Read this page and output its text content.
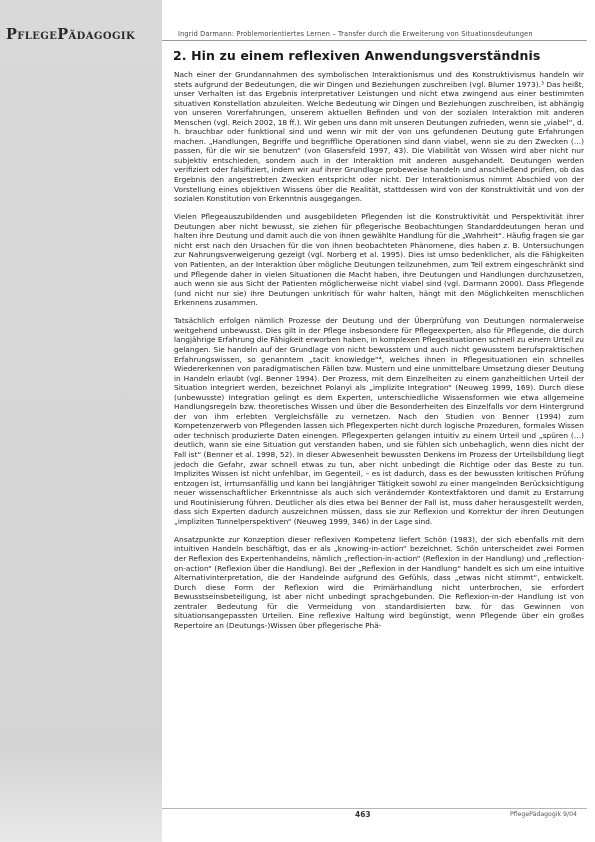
PflegePädagogik	Ingrid Darmann: Problemorientiertes Lernen – Transfer durch die Erweiterung von Situationsdeutungen
2. Hin zu einem reflexiven Anwendungsverständnis

Nach einer der Grundannahmen des symbolischen Interaktionismus und des Konstruktivismus handeln wir stets aufgrund der Bedeutungen, die wir Dingen und Beziehungen zuschreiben (vgl. Blumer 1973).³ Das heißt, unser Verhalten ist das Ergebnis interpretativer Leistungen und nicht etwa zwingend aus einer bestimmten situativen Konstellation abzuleiten. Welche Bedeutung wir Dingen und Beziehungen zuschreiben, ist abhängig von unseren Vorerfahrungen, unserem aktuellen Befinden und von der sozialen Interaktion mit anderen Menschen (vgl. Reich 2002, 18 ff.). Wir geben uns dann mit unseren Deutungen zufrieden, wenn sie „viabel“, d. h. brauchbar oder funktional sind und wenn wir mit der von uns gefundenen Deutung gute Erfahrungen machen. „Handlungen, Begriffe und begriffliche Operationen sind dann viabel, wenn sie zu den Zwecken (…) passen, für die wir sie benutzen“ (von Glasersfeld 1997, 43). Die Viabilität von Wissen wird aber nicht nur subjektiv entschieden, sondern auch in der Interaktion mit anderen ausgehandelt. Deutungen werden verifiziert oder falsifiziert, indem wir auf ihrer Grundlage probeweise handeln und anschließend prüfen, ob das Ergebnis den angestrebten Zwecken entspricht oder nicht. Der Interaktionismus nimmt Abschied von der Vorstellung eines objektiven Wissens über die Realität, stattdessen wird von der Konstruktivität und von der sozialen Konstitution von Erkenntnis ausgegangen.

Vielen Pflegeauszubildenden und ausgebildeten Pflegenden ist die Konstruktivität und Perspektivität ihrer Deutungen aber nicht bewusst, sie ziehen für pflegerische Beobachtungen Standarddeutungen heran und halten ihre Deutung und damit auch die von ihnen gewählte Handlung für die „Wahrheit“. Häufig fragen sie gar nicht erst nach den Ursachen für die von ihnen beobachteten Phänomene, dies haben z. B. Untersuchungen zur Nahrungsverweigerung gezeigt (vgl. Norberg et al. 1995). Dies ist umso bedenklicher, als die Fähigkeiten von Patienten, an der Interaktion über mögliche Deutungen teilzunehmen, zum Teil extrem eingeschränkt sind und Pflegende daher in vielen Situationen die Macht haben, ihre Deutungen und Handlungen durchzusetzen, auch wenn sie aus Sicht der Patienten möglicherweise nicht viabel sind (vgl. Darmann 2000). Dass Pflegende (und nicht nur sie) ihre Deutungen unkritisch für wahr halten, hängt mit den Möglichkeiten menschlichen Erkennens zusammen.

Tatsächlich erfolgen nämlich Prozesse der Deutung und der Überprüfung von Deutungen normalerweise weitgehend unbewusst. Dies gilt in der Pflege insbesondere für Pflegeexperten, also für Pflegende, die durch langjährige Erfahrung die Fähigkeit erworben haben, in komplexen Pflegesituationen schnell zu einem Urteil zu gelangen. Sie handeln auf der Grundlage von nicht bewusstem und auch nicht gewusstem berufspraktischen Erfahrungswissen, so genanntem „tacit knowledge“⁴, welches ihnen in Pflegesituationen ein schnelles Wiedererkennen von paradigmatischen Fällen bzw. Mustern und eine unmittelbare Umsetzung dieser Deutung in Handeln erlaubt (vgl. Benner 1994). Der Prozess, mit dem Einzelheiten zu einem ganzheitlichen Urteil der Situation integriert werden, bezeichnet Polanyi als „implizite Integration“ (Neuweg 1999, 169). Durch diese (unbewusste) Integration gelingt es dem Experten, unterschiedliche Wissensformen wie etwa allgemeine Handlungsregeln bzw. theoretisches Wissen und über die Besonderheiten des Einzelfalls vor dem Hintergrund der von ihm erlebten Vergleichsfälle zu vernetzen. Nach den Studien von Benner (1994) zum Kompetenzerwerb von Pflegenden lassen sich Pflegexperten nicht durch logische Prozeduren, formales Wissen oder technisch produzierte Daten einengen. Pflegexperten gelangen intuitiv zu einem Urteil und „spüren (…) deutlich, wann sie eine Situation gut verstanden haben, und sie fühlen sich unbehaglich, wenn dies nicht der Fall ist“ (Benner et al. 1998, 52). In dieser Abwesenheit bewussten Denkens im Prozess der Urteilsbildung liegt jedoch die Gefahr, zwar schnell etwas zu tun, aber nicht unbedingt die Richtige oder das Beste zu tun. Implizites Wissen ist nicht unfehlbar, im Gegenteil, – es ist dadurch, dass es der bewussten kritischen Prüfung entzogen ist, irrtumsanfällig und kann bei langjähriger Tätigkeit sowohl zu einer mangelnden Berücksichtigung neuer wissenschaftlicher Erkenntnisse als auch sich verändernder Kontextfaktoren und damit zu Erstarrung und Routinisierung führen. Deutlicher als dies etwa bei Benner der Fall ist, muss daher herausgestellt werden, dass sich Experten dadurch auszeichnen müssen, dass sie zur Reflexion und Korrektur der ihren Deutungen „impliziten Tunnelperspektiven“ (Neuweg 1999, 346) in der Lage sind.

Ansatzpunkte zur Konzeption dieser reflexiven Kompetenz liefert Schön (1983), der sich ebenfalls mit dem intuitiven Handeln beschäftigt, das er als „knowing-in-action“ bezeichnet. Schön unterscheidet zwei Formen der Reflexion des Expertenhandelns, nämlich „reflection-in-action“ (Reflexion in der Handlung) und „reflection-on-action“ (Reflexion über die Handlung). Bei der „Reflexion in der Handlung“ handelt es sich um eine intuitive Alternativinterpretation, die der Handelnde aufgrund des Gefühls, dass „etwas nicht stimmt“, entwickelt. Durch diese Form der Reflexion wird die Primärhandlung nicht unterbrochen, sie erfordert Bewusstseinsbeteiligung, ist aber nicht unbedingt sprachgebunden. Die Reflexion-in-der Handlung ist von zentraler Bedeutung für die Vermeidung von standardisierten bzw. für das Gewinnen von situationsangepassten Urteilen. Eine reflexive Haltung wird begünstigt, wenn Pflegende über ein großes Repertoire an (Deutungs-)Wissen über pflegerische Phä-

463	PflegePädagogik 9/04
